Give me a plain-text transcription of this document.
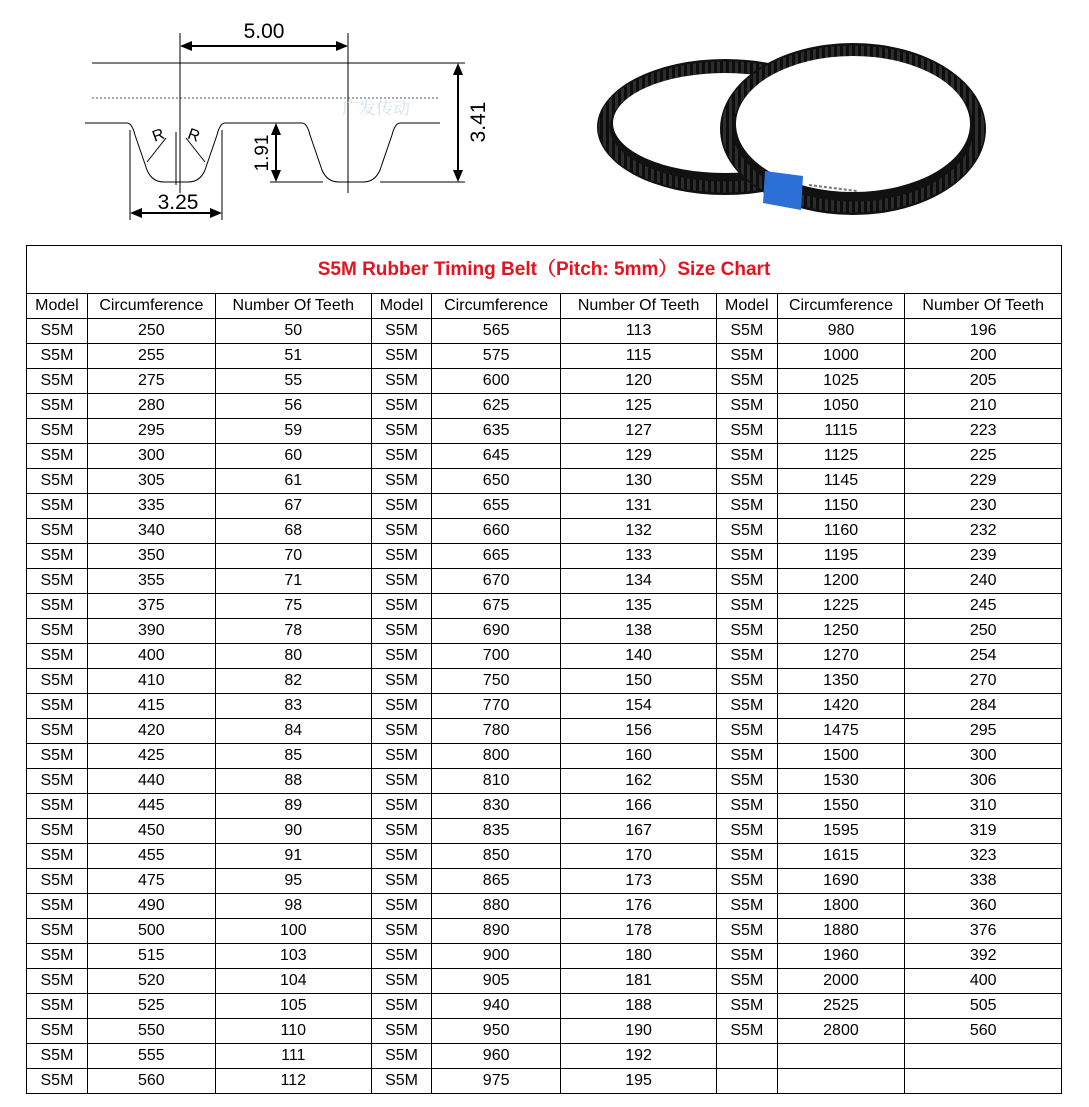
广发传动
5.00
3.41
1.91
3.25
R R
S5M Rubber Timing Belt（Pitch: 5mm）Size Chart
Model	Circumference	Number Of Teeth	Model	Circumference	Number Of Teeth	Model	Circumference	Number Of Teeth
S5M	250	50	S5M	565	113	S5M	980	196
S5M	255	51	S5M	575	115	S5M	1000	200
S5M	275	55	S5M	600	120	S5M	1025	205
S5M	280	56	S5M	625	125	S5M	1050	210
S5M	295	59	S5M	635	127	S5M	1115	223
S5M	300	60	S5M	645	129	S5M	1125	225
S5M	305	61	S5M	650	130	S5M	1145	229
S5M	335	67	S5M	655	131	S5M	1150	230
S5M	340	68	S5M	660	132	S5M	1160	232
S5M	350	70	S5M	665	133	S5M	1195	239
S5M	355	71	S5M	670	134	S5M	1200	240
S5M	375	75	S5M	675	135	S5M	1225	245
S5M	390	78	S5M	690	138	S5M	1250	250
S5M	400	80	S5M	700	140	S5M	1270	254
S5M	410	82	S5M	750	150	S5M	1350	270
S5M	415	83	S5M	770	154	S5M	1420	284
S5M	420	84	S5M	780	156	S5M	1475	295
S5M	425	85	S5M	800	160	S5M	1500	300
S5M	440	88	S5M	810	162	S5M	1530	306
S5M	445	89	S5M	830	166	S5M	1550	310
S5M	450	90	S5M	835	167	S5M	1595	319
S5M	455	91	S5M	850	170	S5M	1615	323
S5M	475	95	S5M	865	173	S5M	1690	338
S5M	490	98	S5M	880	176	S5M	1800	360
S5M	500	100	S5M	890	178	S5M	1880	376
S5M	515	103	S5M	900	180	S5M	1960	392
S5M	520	104	S5M	905	181	S5M	2000	400
S5M	525	105	S5M	940	188	S5M	2525	505
S5M	550	110	S5M	950	190	S5M	2800	560
S5M	555	111	S5M	960	192			
S5M	560	112	S5M	975	195			
